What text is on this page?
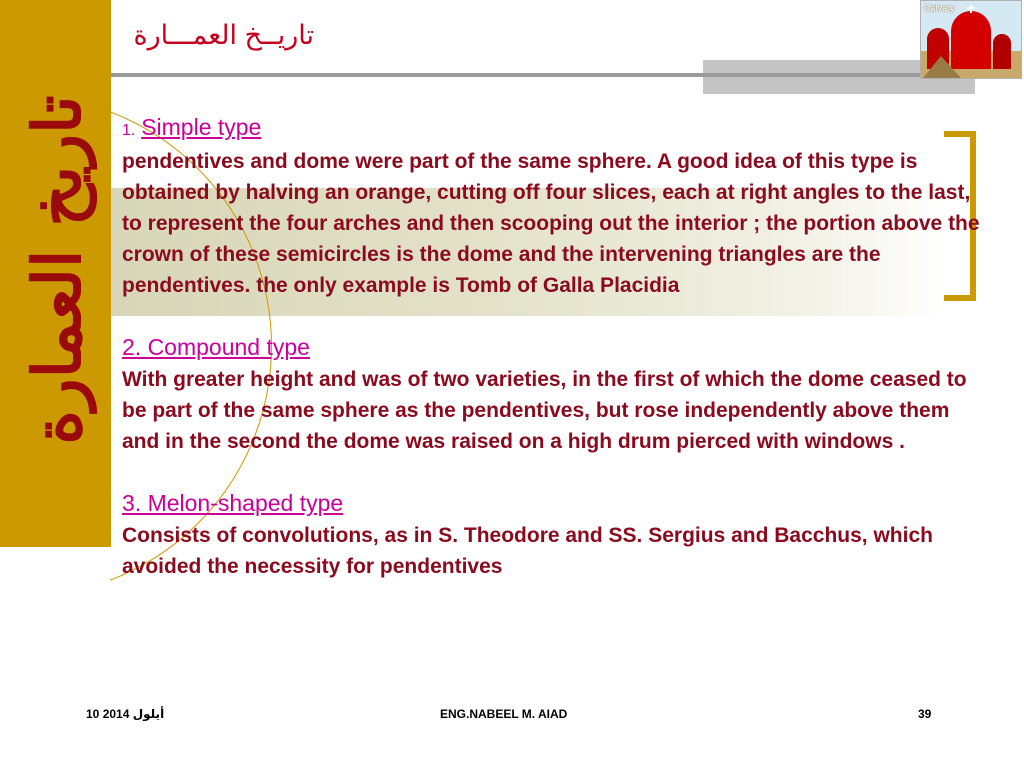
تاريخ العمارة
تاريــخ العمـــارة
Calvary

1. Simple type

pendentives and dome were part of the same sphere. A good idea of this type is obtained by halving an orange, cutting off four slices, each at right angles to the last, to represent the four arches and then scooping out the interior ; the portion above the crown of these semicircles is the dome and the intervening triangles are the pendentives. the only example is Tomb of Galla Placidia

2. Compound type

With greater height and was of two varieties, in the first of which the dome ceased to be part of the same sphere as the pendentives, but rose independently above them and in the second the dome was raised on a high drum pierced with windows .

3. Melon-shaped type

Consists of convolutions, as in S. Theodore and SS. Sergius and Bacchus, which avoided the necessity for pendentives

10 أيلول 2014	ENG.NABEEL M. AIAD	39
